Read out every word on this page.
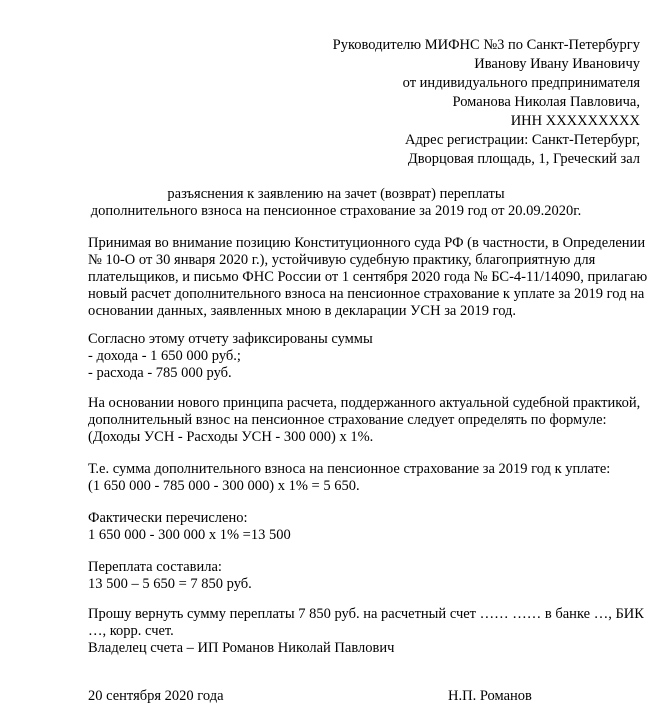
Руководителю МИФНС №3 по Санкт-Петербургу
Иванову Ивану Ивановичу
от индивидуального предпринимателя
Романова Николая Павловича,
ИНН ХХХХХХХХХ
Адрес регистрации: Санкт-Петербург,
Дворцовая площадь, 1, Греческий зал
разъяснения к заявлению на зачет (возврат) переплаты
дополнительного взноса на пенсионное страхование за 2019 год от 20.09.2020г.
Принимая во внимание позицию Конституционного суда РФ (в частности, в Определении
№ 10-О от 30 января 2020 г.), устойчивую судебную практику, благоприятную для
плательщиков, и письмо ФНС России от 1 сентября 2020 года № БС-4-11/14090, прилагаю
новый расчет дополнительного взноса на пенсионное страхование к уплате за 2019 год на
основании данных, заявленных мною в декларации УСН за 2019 год.
Согласно этому отчету зафиксированы суммы
- дохода - 1 650 000 руб.;
- расхода - 785 000 руб.
На основании нового принципа расчета, поддержанного актуальной судебной практикой,
дополнительный взнос на пенсионное страхование следует определять по формуле:
(Доходы УСН - Расходы УСН - 300 000) х 1%.
Т.е. сумма дополнительного взноса на пенсионное страхование за 2019 год к уплате:
(1 650 000 - 785 000 - 300 000) х 1% = 5 650.
Фактически перечислено:
1 650 000 - 300 000 х 1% =13 500
Переплата составила:
13 500 – 5 650 = 7 850 руб.
Прошу вернуть сумму переплаты 7 850 руб. на расчетный счет …… …… в банке …, БИК
…, корр. счет.
Владелец счета – ИП Романов Николай Павлович
20 сентября 2020 года	Н.П. Романов
